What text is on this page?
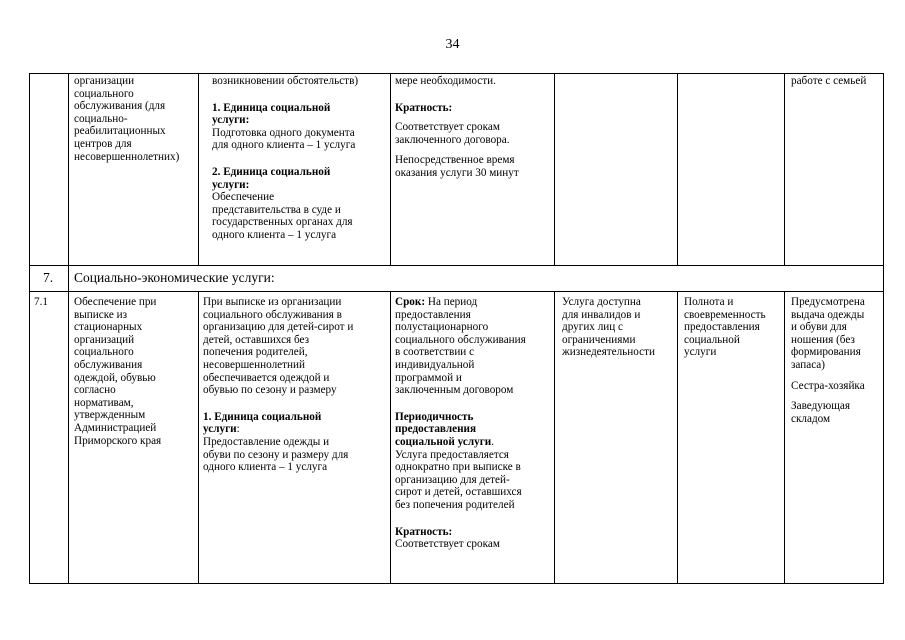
34

организации

социального

обслуживания (для

социально-

реабилитационных

центров для

несовершеннолетних)

возникновении обстоятельств)

1. Единица социальной

услуги:

Подготовка одного документа

для одного клиента – 1 услуга

2. Единица социальной

услуги:

Обеспечение

представительства в суде и

государственных органах для

одного клиента – 1 услуга

мере необходимости.

Кратность:

Соответствует срокам

заключенного договора.

Непосредственное время

оказания услуги 30 минут

работе с семьей

7. Социально-экономические услуги:
7.1 Обеспечение при

выписке из

стационарных

организаций

социального

обслуживания

одеждой, обувью

согласно

нормативам,

утвержденным

Администрацией

Приморского края

При выписке из организации

социального обслуживания в

организацию для детей-сирот и

детей, оставшихся без

попечения родителей,

несовершеннолетний

обеспечивается одеждой и

обувью по сезону и размеру

1. Единица социальной

услуги:

Предоставление одежды и

обуви по сезону и размеру для

одного клиента – 1 услуга

Срок: На период

предоставления

полустационарного

социального обслуживания

в соответствии с

индивидуальной

программой и

заключенным договором

Периодичность

предоставления

социальной услуги.

Услуга предоставляется

однократно при выписке в

организацию для детей-

сирот и детей, оставшихся

без попечения родителей

Кратность:

Соответствует срокам

Услуга доступна

для инвалидов и

других лиц с

ограничениями

жизнедеятельности

Полнота и

своевременность

предоставления

социальной

услуги

Предусмотрена

выдача одежды

и обуви для

ношения (без

формирования

запаса)

Сестра-хозяйка

Заведующая

складом
